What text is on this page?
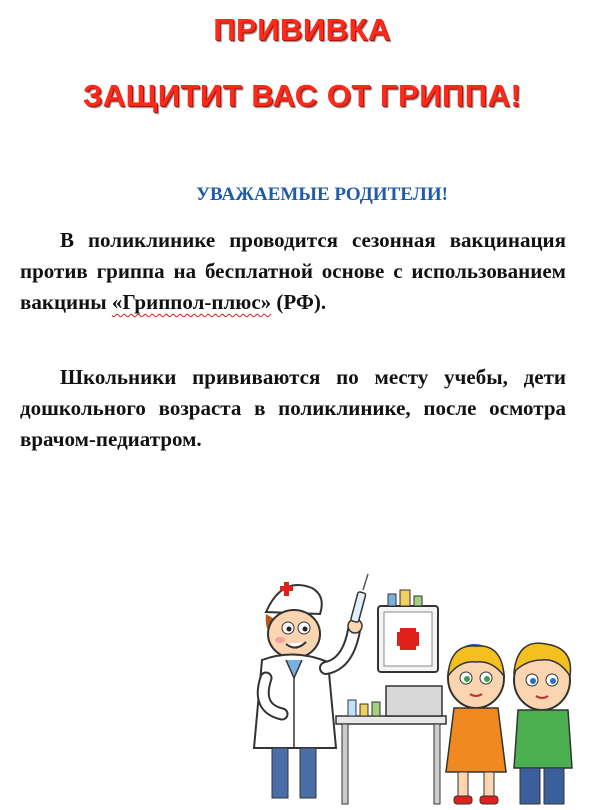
ПРИВИВКА
ЗАЩИТИТ ВАС ОТ ГРИППА!
УВАЖАЕМЫЕ РОДИТЕЛИ!

В поликлинике проводится сезонная вакцинация против гриппа на бесплатной основе с использованием вакцины «Гриппол-плюс» (РФ).

Школьники прививаются по месту учебы, дети дошкольного возраста в поликлинике, после осмотра врачом-педиатром.
